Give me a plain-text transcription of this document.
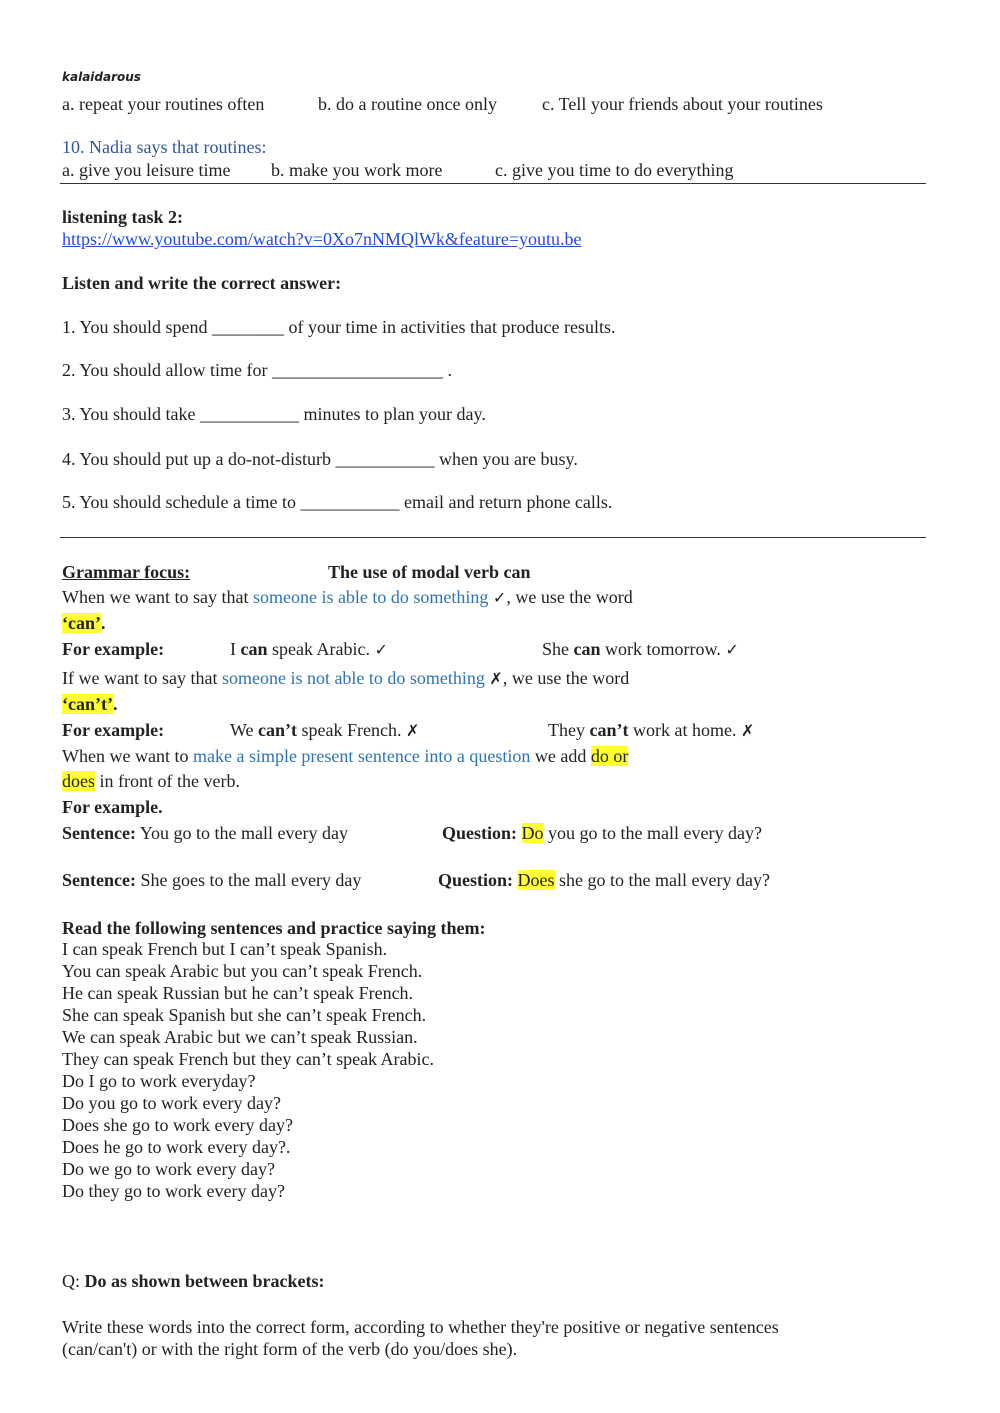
kalaidarous
a. repeat your routines often	b. do a routine once only	c. Tell your friends about your routines
10. Nadia says that routines:
a. give you leisure time b. make you work more	c. give you time to do everything
listening task 2:
https://www.youtube.com/watch?v=0Xo7nNMQlWk&feature=youtu.be
Listen and write the correct answer:
1. You should spend ________ of your time in activities that produce results.
2. You should allow time for ___________________ .
3. You should take ___________ minutes to plan your day.
4. You should put up a do-not-disturb ___________ when you are busy.
5. You should schedule a time to ___________ email and return phone calls.
Grammar focus:	The use of modal verb can
When we want to say that someone is able to do something ✓, we use the word
‘can’.
For example:	I can speak Arabic. ✓	She can work tomorrow. ✓
If we want to say that someone is not able to do something ✗, we use the word
‘can’t’.
For example:	We can’t speak French. ✗	They can’t work at home. ✗
When we want to make a simple present sentence into a question we add do or
does in front of the verb.
For example.
Sentence: You go to the mall every day	Question: Do you go to the mall every day?
Sentence: She goes to the mall every day	Question: Does she go to the mall every day?
Read the following sentences and practice saying them:
I can speak French but I can’t speak Spanish.
You can speak Arabic but you can’t speak French.
He can speak Russian but he can’t speak French.
She can speak Spanish but she can’t speak French.
We can speak Arabic but we can’t speak Russian.
They can speak French but they can’t speak Arabic.
Do I go to work everyday?
Do you go to work every day?
Does she go to work every day?
Does he go to work every day?.
Do we go to work every day?
Do they go to work every day?
Q: Do as shown between brackets:
Write these words into the correct form, according to whether they're positive or negative sentences
(can/can't) or with the right form of the verb (do you/does she).
